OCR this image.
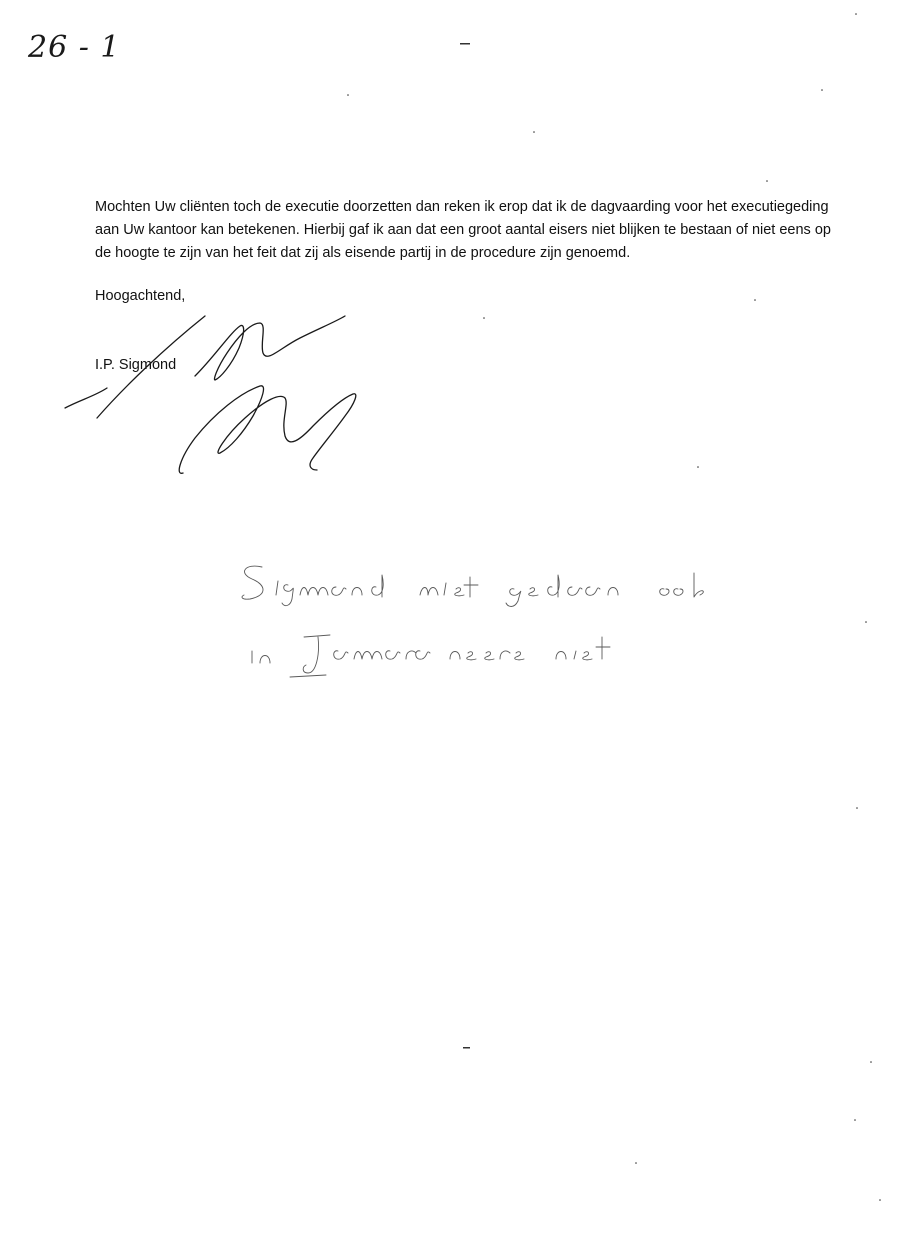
26 - 1

Mochten Uw cliënten toch de executie doorzetten dan reken ik erop dat ik de dagvaarding voor het executiegeding aan Uw kantoor kan betekenen. Hierbij gaf ik aan dat een groot aantal eisers niet blijken te bestaan of niet eens op de hoogte te zijn van het feit dat zij als eisende partij in de procedure zijn genoemd.

Hoogachtend,

I.P. Sigmond
